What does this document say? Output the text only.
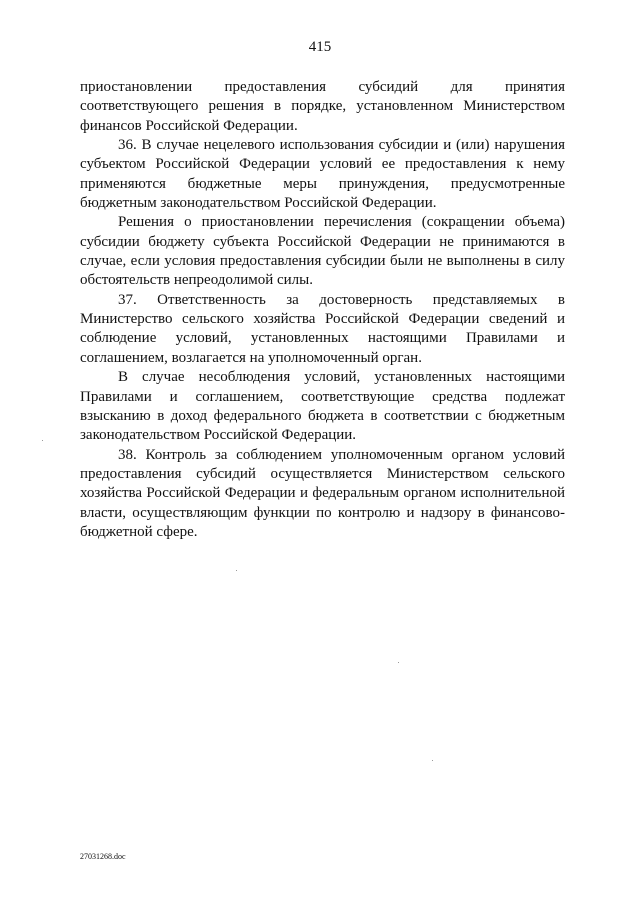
415

приостановлении предоставления субсидий для принятия соответствующего решения в порядке, установленном Министерством финансов Российской Федерации.

36. В случае нецелевого использования субсидии и (или) нарушения субъектом Российской Федерации условий ее предоставления к нему применяются бюджетные меры принуждения, предусмотренные бюджетным законодательством Российской Федерации.

Решения о приостановлении перечисления (сокращении объема) субсидии бюджету субъекта Российской Федерации не принимаются в случае, если условия предоставления субсидии были не выполнены в силу обстоятельств непреодолимой силы.

37. Ответственность за достоверность представляемых в Министерство сельского хозяйства Российской Федерации сведений и соблюдение условий, установленных настоящими Правилами и соглашением, возлагается на уполномоченный орган.

В случае несоблюдения условий, установленных настоящими Правилами и соглашением, соответствующие средства подлежат взысканию в доход федерального бюджета в соответствии с бюджетным законодательством Российской Федерации.

38. Контроль за соблюдением уполномоченным органом условий предоставления субсидий осуществляется Министерством сельского хозяйства Российской Федерации и федеральным органом исполнительной власти, осуществляющим функции по контролю и надзору в финансово-бюджетной сфере.

27031268.doc
